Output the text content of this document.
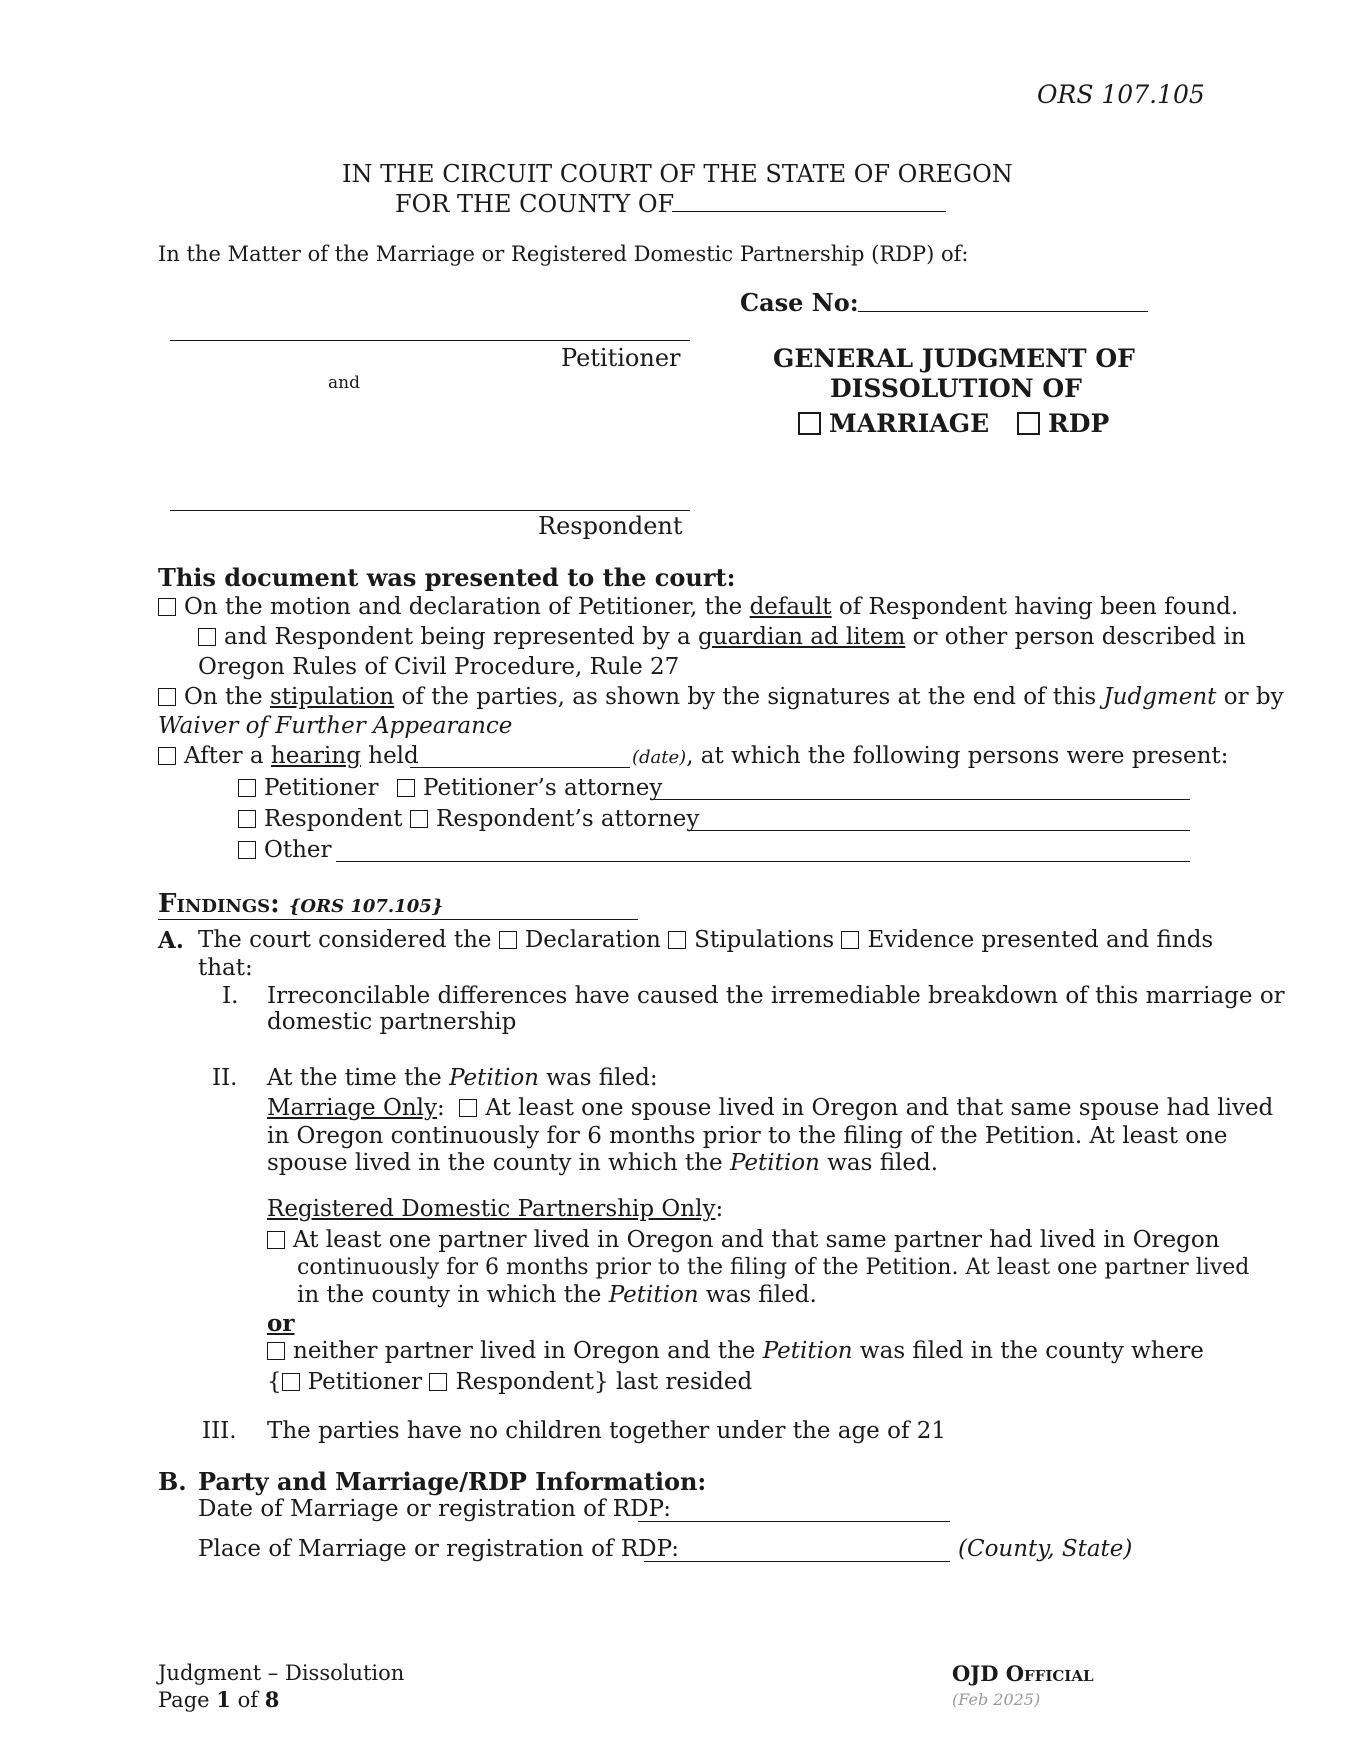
ORS 107.105
IN THE CIRCUIT COURT OF THE STATE OF OREGON
FOR THE COUNTY OF
In the Matter of the Marriage or Registered Domestic Partnership (RDP) of:
Case No:
Petitioner
and
Respondent
GENERAL JUDGMENT OF
DISSOLUTION OF
MARRIAGE	RDP
This document was presented to the court:
On the motion and declaration of Petitioner, the default of Respondent having been found.
and Respondent being represented by a guardian ad litem or other person described in
Oregon Rules of Civil Procedure, Rule 27
On the stipulation of the parties, as shown by the signatures at the end of this Judgment or by
Waiver of Further Appearance
After a hearing held	(date), at which the following persons were present:
Petitioner	Petitioner’s attorney
Respondent	Respondent’s attorney
Other
Findings: {ORS 107.105}
A. The court considered the Declaration Stipulations Evidence presented and finds
that:
I. Irreconcilable differences have caused the irremediable breakdown of this marriage or
domestic partnership
II. At the time the Petition was filed:
Marriage Only:  At least one spouse lived in Oregon and that same spouse had lived
in Oregon continuously for 6 months prior to the filing of the Petition. At least one
spouse lived in the county in which the Petition was filed.
Registered Domestic Partnership Only:
At least one partner lived in Oregon and that same partner had lived in Oregon
continuously for 6 months prior to the filing of the Petition. At least one partner lived
in the county in which the Petition was filed.
or
neither partner lived in Oregon and the Petition was filed in the county where
{ Petitioner Respondent} last resided
III. The parties have no children together under the age of 21
B. Party and Marriage/RDP Information:
Date of Marriage or registration of RDP:
Place of Marriage or registration of RDP:	(County, State)
Judgment – Dissolution
Page 1 of 8
OJD Official
(Feb 2025)
